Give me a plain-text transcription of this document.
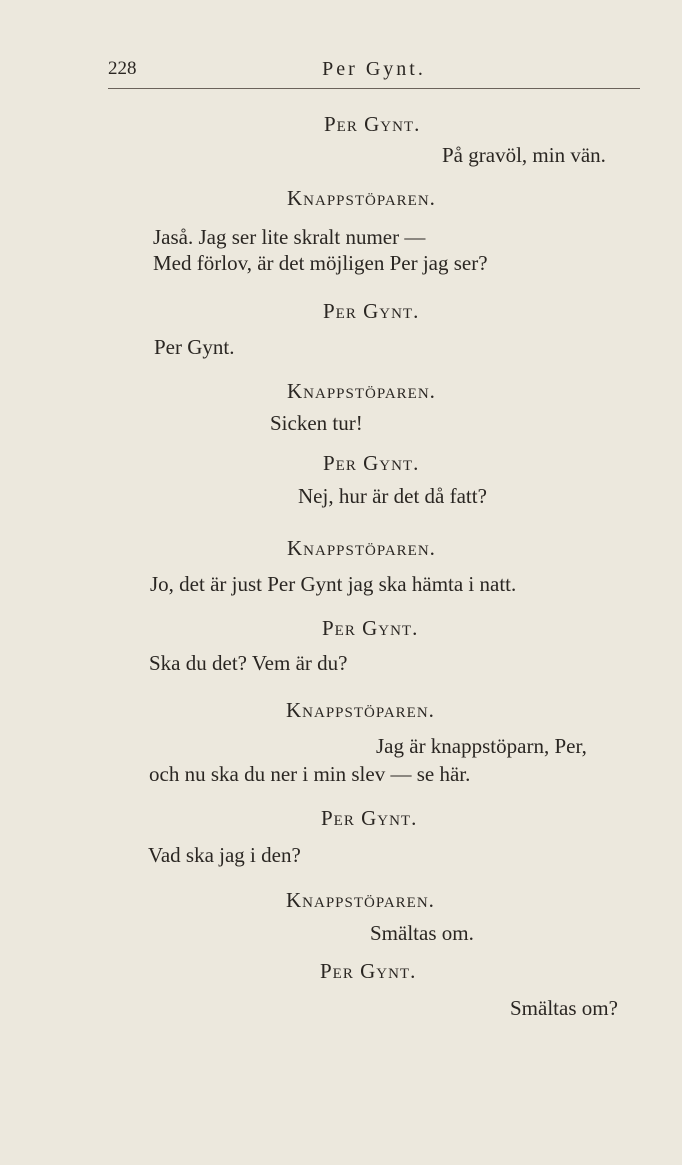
228	Per Gynt.
Per Gynt.
På gravöl, min vän.
Knappstöparen.
Jaså. Jag ser lite skralt numer —
Med förlov, är det möjligen Per jag ser?
Per Gynt.
Per Gynt.
Knappstöparen.
Sicken tur!
Per Gynt.
Nej, hur är det då fatt?
Knappstöparen.
Jo, det är just Per Gynt jag ska hämta i natt.
Per Gynt.
Ska du det? Vem är du?
Knappstöparen.
Jag är knappstöparn, Per,
och nu ska du ner i min slev — se här.
Per Gynt.
Vad ska jag i den?
Knappstöparen.
Smältas om.
Per Gynt.
Smältas om?
